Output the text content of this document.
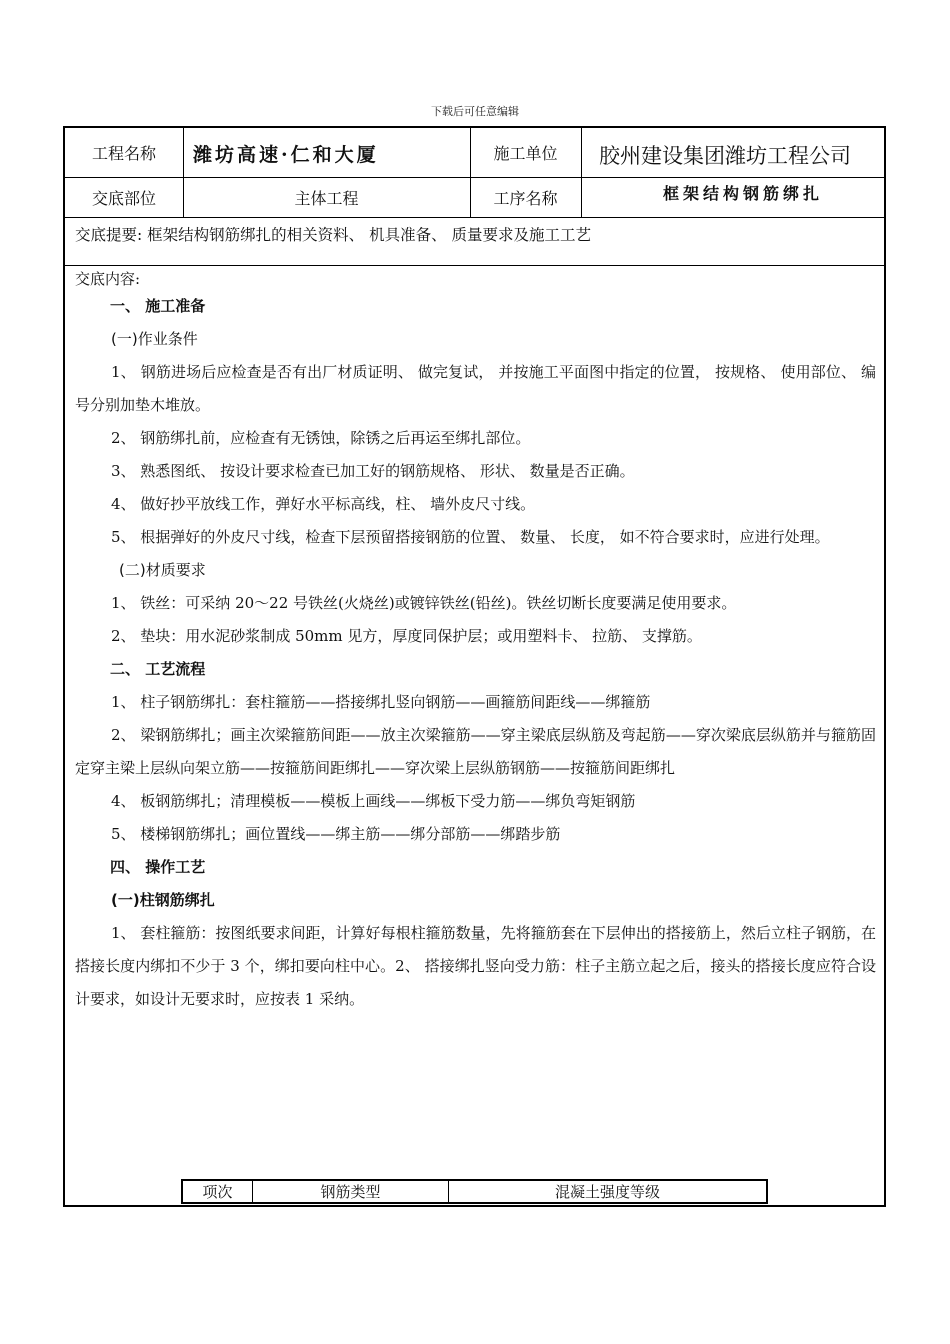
下载后可任意编辑
工程名称	潍坊高速·仁和大厦	施工单位	胶州建设集团潍坊工程公司
交底部位	主体工程	工序名称	框架结构钢筋绑扎
交底提要: 框架结构钢筋绑扎的相关资料、 机具准备、 质量要求及施工工艺

交底内容:

一、 施工准备

(一)作业条件

1、 钢筋进场后应检查是否有出厂材质证明、 做完复试， 并按施工平面图中指定的位置， 按规格、 使用部位、 编号分别加垫木堆放。

2、 钢筋绑扎前，应检查有无锈蚀，除锈之后再运至绑扎部位。

3、 熟悉图纸、 按设计要求检查已加工好的钢筋规格、 形状、 数量是否正确。

4、 做好抄平放线工作，弹好水平标高线，柱、 墙外皮尺寸线。

5、 根据弹好的外皮尺寸线，检查下层预留搭接钢筋的位置、 数量、 长度， 如不符合要求时，应进行处理。

(二)材质要求

1、 铁丝：可采纳 20～22 号铁丝(火烧丝)或镀锌铁丝(铅丝)。铁丝切断长度要满足使用要求。

2、 垫块：用水泥砂浆制成 50mm 见方，厚度同保护层；或用塑料卡、 拉筋、 支撑筋。

二、 工艺流程

1、 柱子钢筋绑扎：套柱箍筋——搭接绑扎竖向钢筋——画箍筋间距线——绑箍筋

2、 梁钢筋绑扎；画主次梁箍筋间距——放主次梁箍筋——穿主梁底层纵筋及弯起筋——穿次梁底层纵筋并与箍筋固定穿主梁上层纵向架立筋——按箍筋间距绑扎——穿次梁上层纵筋钢筋——按箍筋间距绑扎

4、 板钢筋绑扎；清理模板——模板上画线——绑板下受力筋——绑负弯矩钢筋

5、 楼梯钢筋绑扎；画位置线——绑主筋——绑分部筋——绑踏步筋

四、 操作工艺

(一)柱钢筋绑扎

1、 套柱箍筋：按图纸要求间距，计算好每根柱箍筋数量，先将箍筋套在下层伸出的搭接筋上，然后立柱子钢筋，在搭接长度内绑扣不少于 3 个，绑扣要向柱中心。2、 搭接绑扎竖向受力筋：柱子主筋立起之后，接头的搭接长度应符合设计要求，如设计无要求时，应按表 1 采纳。

项次	钢筋类型	混凝土强度等级
